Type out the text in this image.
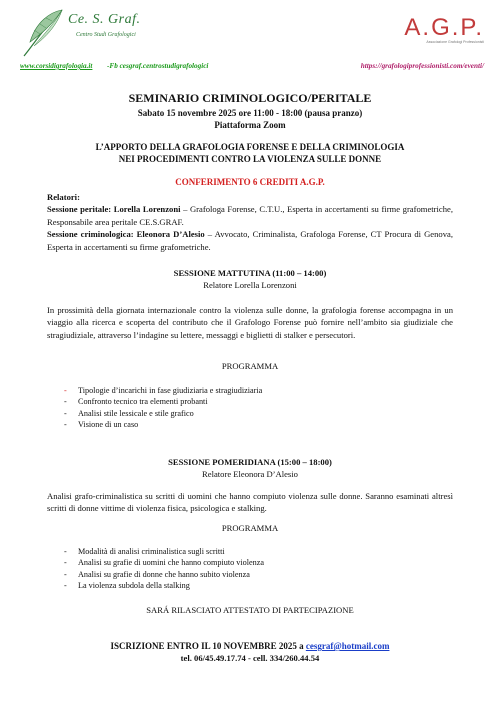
Ce. S. Graf.
Centro Studi Grafologici	A.G.P.
Associazione Grafologi Professionisti
www.corsidigrafologia.it -Fb cesgraf.centrostudigrafologici	https://grafologiprofessionisti.com/eventi/
SEMINARIO CRIMINOLOGICO/PERITALE
Sabato 15 novembre 2025 ore 11:00 - 18:00 (pausa pranzo)
Piattaforma Zoom
L’APPORTO DELLA GRAFOLOGIA FORENSE E DELLA CRIMINOLOGIA
NEI PROCEDIMENTI CONTRO LA VIOLENZA SULLE DONNE
CONFERIMENTO 6 CREDITI A.G.P.
Relatori:
Sessione peritale: Lorella Lorenzoni – Grafologa Forense, C.T.U., Esperta in accertamenti su firme grafometriche, Responsabile area peritale CE.S.GRAF.
Sessione criminologica: Eleonora D’Alesio – Avvocato, Criminalista, Grafologa Forense, CT Procura di Genova, Esperta in accertamenti su firme grafometriche.
SESSIONE MATTUTINA (11:00 – 14:00)
Relatore Lorella Lorenzoni
In prossimità della giornata internazionale contro la violenza sulle donne, la grafologia forense accompagna in un viaggio alla ricerca e scoperta del contributo che il Grafologo Forense può fornire nell’ambito sia giudiziale che stragiudiziale, attraverso l’indagine su lettere, messaggi e biglietti di stalker e persecutori.
PROGRAMMA
- Tipologie d’incarichi in fase giudiziaria e stragiudiziaria
- Confronto tecnico tra elementi probanti
- Analisi stile lessicale e stile grafico
- Visione di un caso
SESSIONE POMERIDIANA (15:00 – 18:00)
Relatore Eleonora D’Alesio
Analisi grafo-criminalistica su scritti di uomini che hanno compiuto violenza sulle donne. Saranno esaminati altresì scritti di donne vittime di violenza fisica, psicologica e stalking.
PROGRAMMA
- Modalità di analisi criminalistica sugli scritti
- Analisi su grafie di uomini che hanno compiuto violenza
- Analisi su grafie di donne che hanno subito violenza
- La violenza subdola della stalking
SARÁ RILASCIATO ATTESTATO DI PARTECIPAZIONE
ISCRIZIONE ENTRO IL 10 NOVEMBRE 2025 a cesgraf@hotmail.com
tel. 06/45.49.17.74 - cell. 334/260.44.54
